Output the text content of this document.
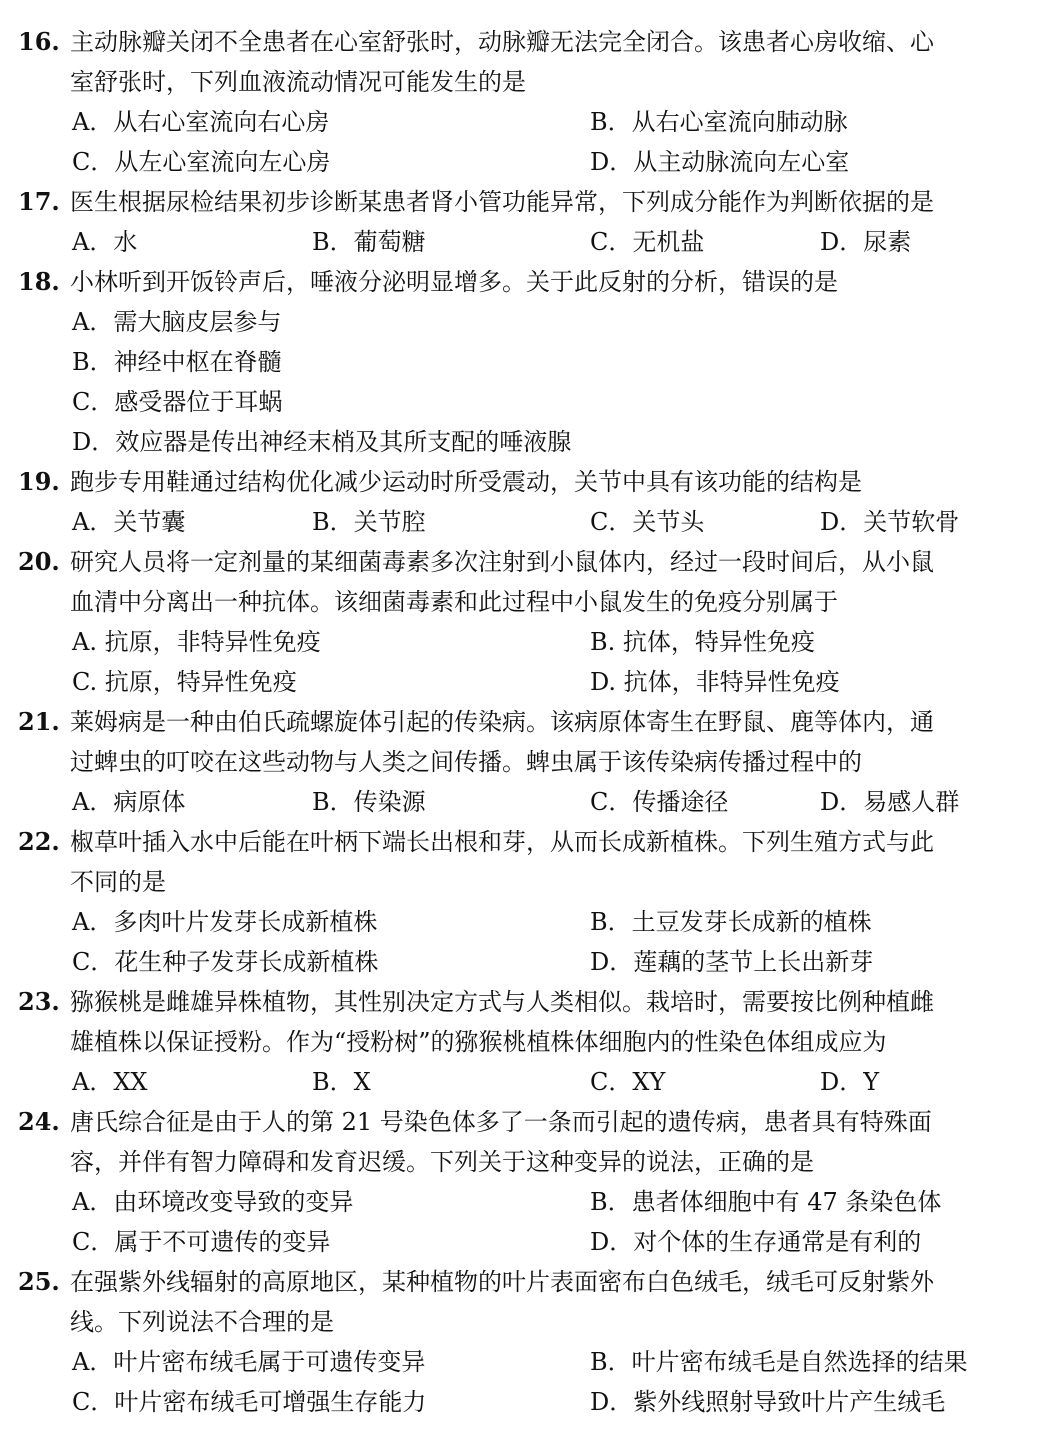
16. 主动脉瓣关闭不全患者在心室舒张时，动脉瓣无法完全闭合。该患者心房收缩、心
室舒张时，下列血液流动情况可能发生的是
A．从右心室流向右心房	B．从右心室流向肺动脉
C．从左心室流向左心房	D．从主动脉流向左心室
17. 医生根据尿检结果初步诊断某患者肾小管功能异常，下列成分能作为判断依据的是
A．水	B．葡萄糖	C．无机盐	D．尿素
18. 小林听到开饭铃声后，唾液分泌明显增多。关于此反射的分析，错误的是
A．需大脑皮层参与
B．神经中枢在脊髓
C．感受器位于耳蜗
D．效应器是传出神经末梢及其所支配的唾液腺
19. 跑步专用鞋通过结构优化减少运动时所受震动，关节中具有该功能的结构是
A．关节囊	B．关节腔	C．关节头	D．关节软骨
20. 研究人员将一定剂量的某细菌毒素多次注射到小鼠体内，经过一段时间后，从小鼠
血清中分离出一种抗体。该细菌毒素和此过程中小鼠发生的免疫分别属于
A. 抗原，非特异性免疫	B. 抗体，特异性免疫
C. 抗原，特异性免疫	D. 抗体，非特异性免疫
21. 莱姆病是一种由伯氏疏螺旋体引起的传染病。该病原体寄生在野鼠、鹿等体内，通
过蜱虫的叮咬在这些动物与人类之间传播。蜱虫属于该传染病传播过程中的
A．病原体	B．传染源	C．传播途径	D．易感人群
22. 椒草叶插入水中后能在叶柄下端长出根和芽，从而长成新植株。下列生殖方式与此
不同的是
A．多肉叶片发芽长成新植株	B．土豆发芽长成新的植株
C．花生种子发芽长成新植株	D．莲藕的茎节上长出新芽
23. 猕猴桃是雌雄异株植物，其性别决定方式与人类相似。栽培时，需要按比例种植雌
雄植株以保证授粉。作为“授粉树”的猕猴桃植株体细胞内的性染色体组成应为
A．XX	B．X	C．XY	D．Y
24. 唐氏综合征是由于人的第 21 号染色体多了一条而引起的遗传病，患者具有特殊面
容，并伴有智力障碍和发育迟缓。下列关于这种变异的说法，正确的是
A．由环境改变导致的变异	B．患者体细胞中有 47 条染色体
C．属于不可遗传的变异	D．对个体的生存通常是有利的
25. 在强紫外线辐射的高原地区，某种植物的叶片表面密布白色绒毛，绒毛可反射紫外
线。下列说法不合理的是
A．叶片密布绒毛属于可遗传变异	B．叶片密布绒毛是自然选择的结果
C．叶片密布绒毛可增强生存能力	D．紫外线照射导致叶片产生绒毛
